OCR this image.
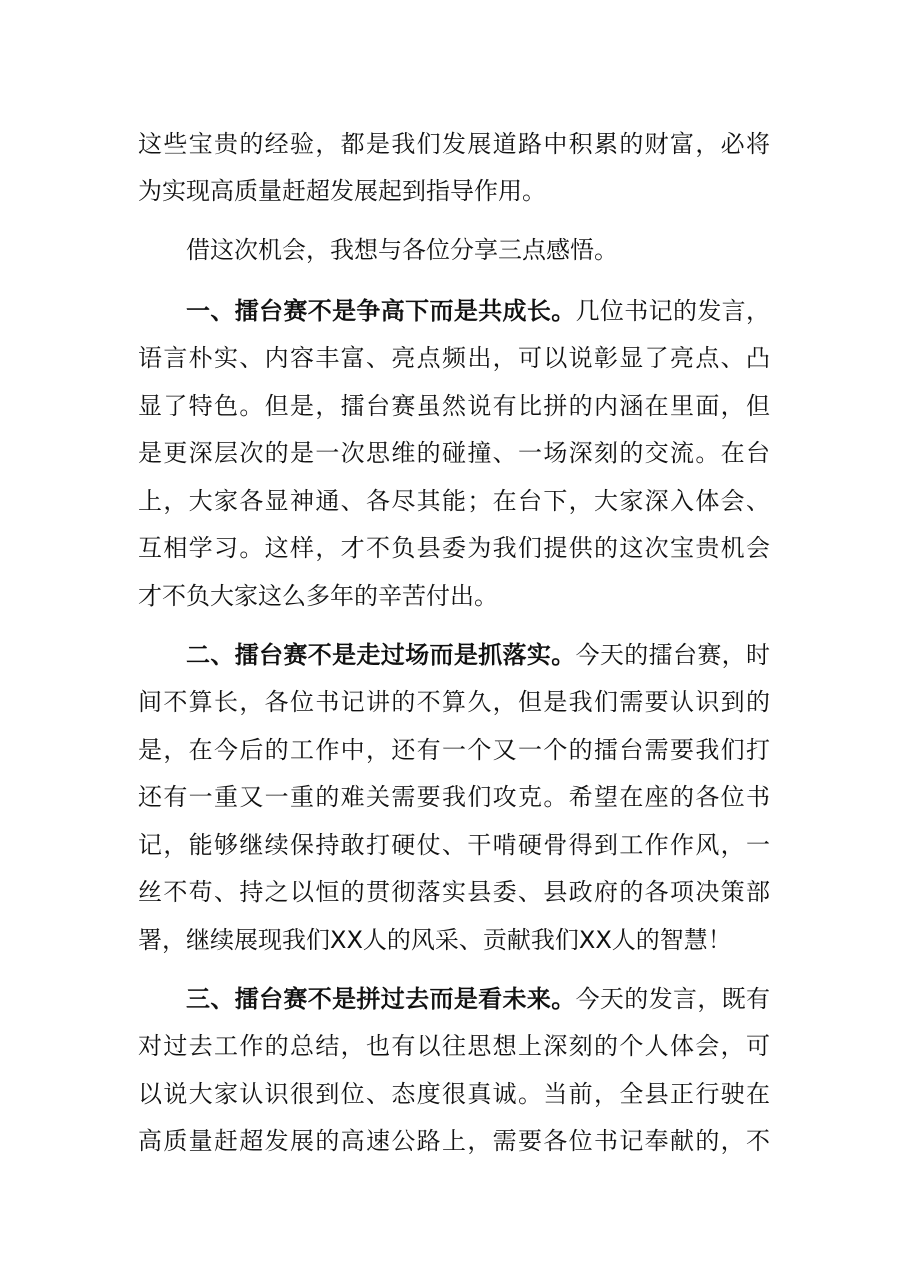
这些宝贵的经验，都是我们发展道路中积累的财富，必将
为实现高质量赶超发展起到指导作用。
借这次机会，我想与各位分享三点感悟。
一、擂台赛不是争高下而是共成长。几位书记的发言，
语言朴实、内容丰富、亮点频出，可以说彰显了亮点、凸
显了特色。但是，擂台赛虽然说有比拼的内涵在里面，但
是更深层次的是一次思维的碰撞、一场深刻的交流。在台
上，大家各显神通、各尽其能；在台下，大家深入体会、
互相学习。这样，才不负县委为我们提供的这次宝贵机会
才不负大家这么多年的辛苦付出。
二、擂台赛不是走过场而是抓落实。今天的擂台赛，时
间不算长，各位书记讲的不算久，但是我们需要认识到的
是，在今后的工作中，还有一个又一个的擂台需要我们打
还有一重又一重的难关需要我们攻克。希望在座的各位书
记，能够继续保持敢打硬仗、干啃硬骨得到工作作风，一
丝不苟、持之以恒的贯彻落实县委、县政府的各项决策部
署，继续展现我们XX人的风采、贡献我们XX人的智慧！
三、擂台赛不是拼过去而是看未来。今天的发言，既有
对过去工作的总结，也有以往思想上深刻的个人体会，可
以说大家认识很到位、态度很真诚。当前，全县正行驶在
高质量赶超发展的高速公路上，需要各位书记奉献的，不
